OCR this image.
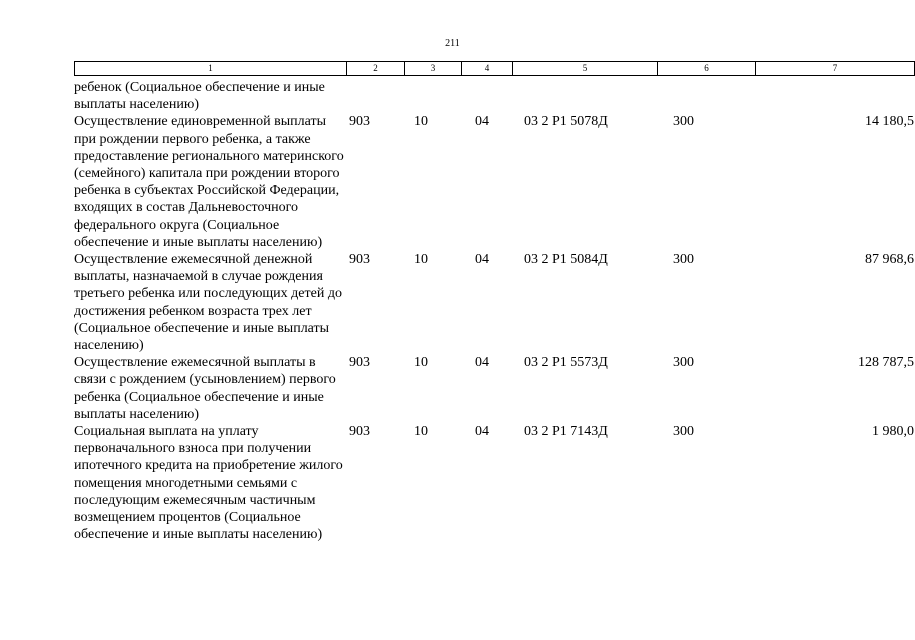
211
1	2	3	4	5	6	7
ребенок (Социальное обеспечение и иные выплаты населению)
Осуществление единовременной выплаты при рождении первого ребенка, а также предоставление регионального материнского (семейного) капитала при рождении второго ребенка в субъектах Российской Федерации, входящих в состав Дальневосточного федерального округа (Социальное обеспечение и иные выплаты населению)
903	10	04	03 2 P1 5078Д	300	14 180,5
Осуществление ежемесячной денежной выплаты, назначаемой в случае рождения третьего ребенка или последующих детей до достижения ребенком возраста трех лет (Социальное обеспечение и иные выплаты населению)
903	10	04	03 2 P1 5084Д	300	87 968,6
Осуществление ежемесячной выплаты в связи с рождением (усыновлением) первого ребенка (Социальное обеспечение и иные выплаты населению)
903	10	04	03 2 P1 5573Д	300	128 787,5
Социальная выплата на уплату первоначального взноса при получении ипотечного кредита на приобретение жилого помещения многодетными семьями с последующим ежемесячным частичным возмещением процентов (Социальное обеспечение и иные выплаты населению)
903	10	04	03 2 P1 7143Д	300	1 980,0
